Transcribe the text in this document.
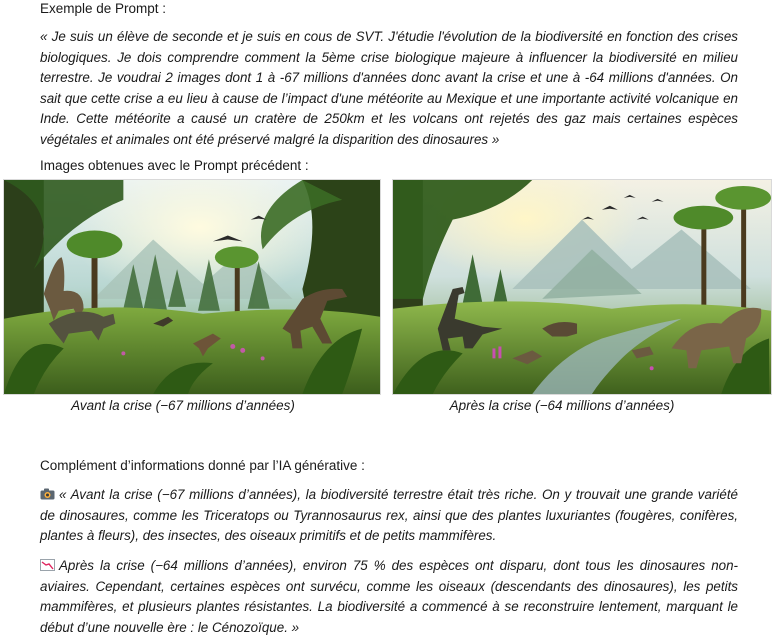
Exemple de Prompt :
« Je suis un élève de seconde et je suis en cous de SVT. J'étudie l'évolution de la biodiversité en fonction des crises biologiques. Je dois comprendre comment la 5ème crise biologique majeure à influencer la biodiversité en milieu terrestre. Je voudrai 2 images dont 1 à -67 millions d'années donc avant la crise et une à -64 millions d'années. On sait que cette crise a eu lieu à cause de l’impact d'une météorite au Mexique et une importante activité volcanique en Inde. Cette météorite a causé un cratère de 250km et les volcans ont rejetés des gaz mais certaines espèces végétales et animales ont été préservé malgré la disparition des dinosaures »
Images obtenues avec le Prompt précédent :
Avant la crise (−67 millions d’années)	Après la crise (−64 millions d’années)
Complément d’informations donné par l’IA générative :
« Avant la crise (−67 millions d’années), la biodiversité terrestre était très riche. On y trouvait une grande variété de dinosaures, comme les Triceratops ou Tyrannosaurus rex, ainsi que des plantes luxuriantes (fougères, conifères, plantes à fleurs), des insectes, des oiseaux primitifs et de petits mammifères.
Après la crise (−64 millions d’années), environ 75 % des espèces ont disparu, dont tous les dinosaures non-aviaires. Cependant, certaines espèces ont survécu, comme les oiseaux (descendants des dinosaures), les petits mammifères, et plusieurs plantes résistantes. La biodiversité a commencé à se reconstruire lentement, marquant le début d’une nouvelle ère : le Cénozoïque. »
